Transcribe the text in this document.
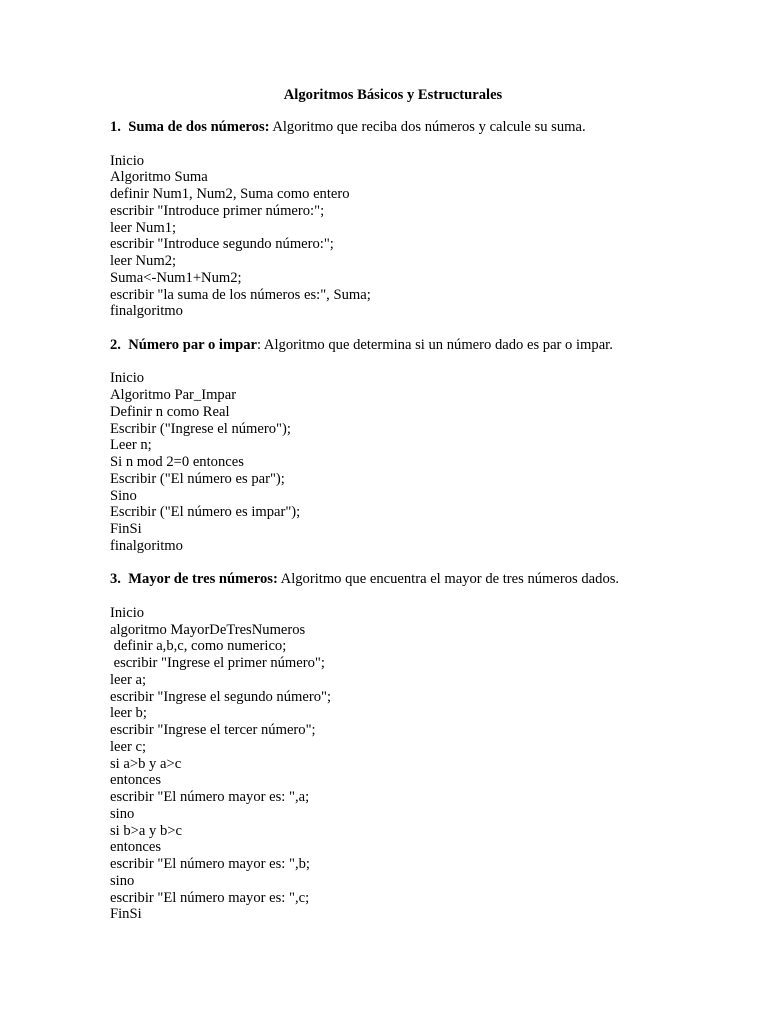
Algoritmos Básicos y Estructurales
1. Suma de dos números: Algoritmo que reciba dos números y calcule su suma.
Inicio
Algoritmo Suma
definir Num1, Num2, Suma como entero
escribir "Introduce primer número:";
leer Num1;
escribir "Introduce segundo número:";
leer Num2;
Suma<-Num1+Num2;
escribir "la suma de los números es:", Suma;
finalgoritmo
2. Número par o impar: Algoritmo que determina si un número dado es par o impar.
Inicio
Algoritmo Par_Impar
Definir n como Real
Escribir ("Ingrese el número");
Leer n;
Si n mod 2=0 entonces
Escribir ("El número es par");
Sino
Escribir ("El número es impar");
FinSi
finalgoritmo
3. Mayor de tres números: Algoritmo que encuentra el mayor de tres números dados.
Inicio
algoritmo MayorDeTresNumeros
definir a,b,c, como numerico;
escribir "Ingrese el primer número";
leer a;
escribir "Ingrese el segundo número";
leer b;
escribir "Ingrese el tercer número";
leer c;
si a>b y a>c
entonces
escribir "El número mayor es: ",a;
sino
si b>a y b>c
entonces
escribir "El número mayor es: ",b;
sino
escribir "El número mayor es: ",c;
FinSi
